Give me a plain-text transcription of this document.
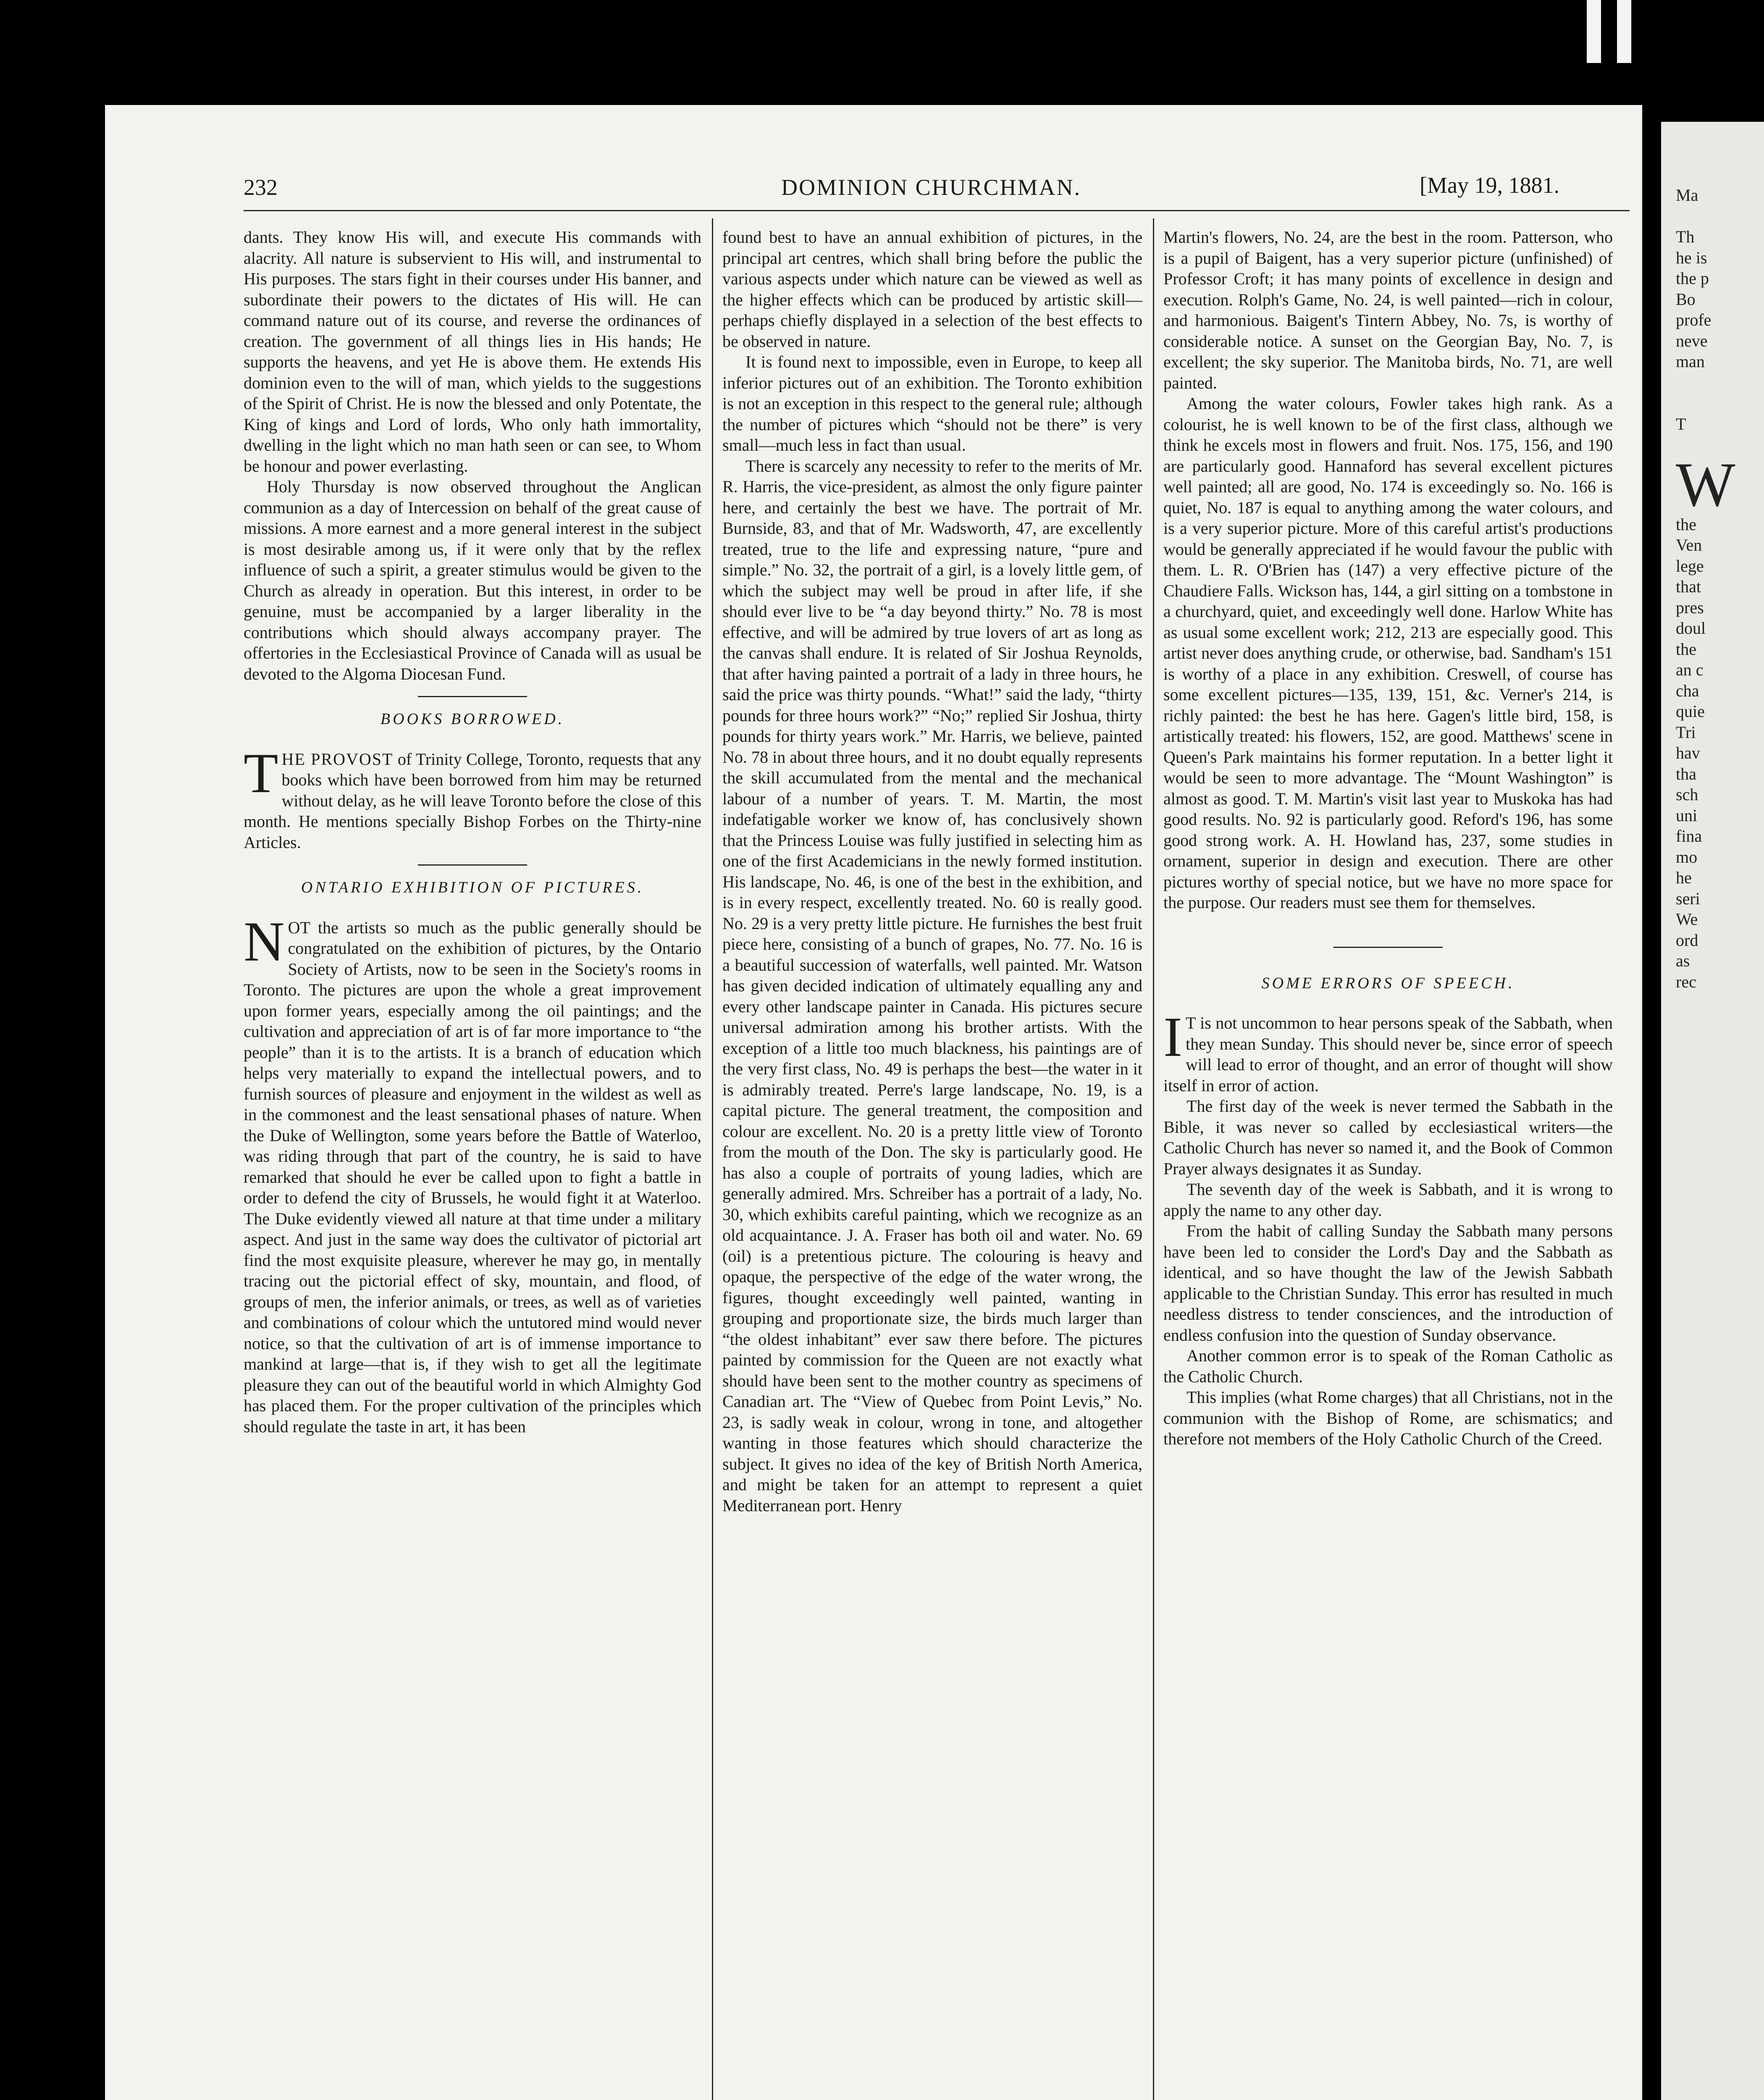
Ma

Th
he is
the p
Bo
profe
neve
man

T

W
the
Ven
lege
that
pres
doul
the
an c
cha
quie
Tri
hav
tha
sch
uni
fina
mo
he
seri
We
ord
as
rec
232	DOMINION CHURCHMAN.	[May 19, 1881.

dants. They know His will, and execute His commands with alacrity. All nature is subservient to His will, and instrumental to His purposes. The stars fight in their courses under His banner, and subordinate their powers to the dictates of His will. He can command nature out of its course, and reverse the ordinances of creation. The government of all things lies in His hands; He supports the heavens, and yet He is above them. He extends His dominion even to the will of man, which yields to the suggestions of the Spirit of Christ. He is now the blessed and only Potentate, the King of kings and Lord of lords, Who only hath immortality, dwelling in the light which no man hath seen or can see, to Whom be honour and power everlasting.

Holy Thursday is now observed throughout the Anglican communion as a day of Intercession on behalf of the great cause of missions. A more earnest and a more general interest in the subject is most desirable among us, if it were only that by the reflex influence of such a spirit, a greater stimulus would be given to the Church as already in operation. But this interest, in order to be genuine, must be accompanied by a larger liberality in the contributions which should always accompany prayer. The offertories in the Ecclesiastical Province of Canada will as usual be devoted to the Algoma Diocesan Fund.

BOOKS BORROWED.

THE PROVOST of Trinity College, Toronto, requests that any books which have been borrowed from him may be returned without delay, as he will leave Toronto before the close of this month. He mentions specially Bishop Forbes on the Thirty-nine Articles.

ONTARIO EXHIBITION OF PICTURES.

NOT the artists so much as the public generally should be congratulated on the exhibition of pictures, by the Ontario Society of Artists, now to be seen in the Society's rooms in Toronto. The pictures are upon the whole a great improvement upon former years, especially among the oil paintings; and the cultivation and appreciation of art is of far more importance to “the people” than it is to the artists. It is a branch of education which helps very materially to expand the intellectual powers, and to furnish sources of pleasure and enjoyment in the wildest as well as in the commonest and the least sensational phases of nature. When the Duke of Wellington, some years before the Battle of Waterloo, was riding through that part of the country, he is said to have remarked that should he ever be called upon to fight a battle in order to defend the city of Brussels, he would fight it at Waterloo. The Duke evidently viewed all nature at that time under a military aspect. And just in the same way does the cultivator of pictorial art find the most exquisite pleasure, wherever he may go, in mentally tracing out the pictorial effect of sky, mountain, and flood, of groups of men, the inferior animals, or trees, as well as of varieties and combinations of colour which the untutored mind would never notice, so that the cultivation of art is of immense importance to mankind at large—that is, if they wish to get all the legitimate pleasure they can out of the beautiful world in which Almighty God has placed them. For the proper cultivation of the principles which should regulate the taste in art, it has been

found best to have an annual exhibition of pictures, in the principal art centres, which shall bring before the public the various aspects under which nature can be viewed as well as the higher effects which can be produced by artistic skill—perhaps chiefly displayed in a selection of the best effects to be observed in nature.

It is found next to impossible, even in Europe, to keep all inferior pictures out of an exhibition. The Toronto exhibition is not an exception in this respect to the general rule; although the number of pictures which “should not be there” is very small—much less in fact than usual.

There is scarcely any necessity to refer to the merits of Mr. R. Harris, the vice-president, as almost the only figure painter here, and certainly the best we have. The portrait of Mr. Burnside, 83, and that of Mr. Wadsworth, 47, are excellently treated, true to the life and expressing nature, “pure and simple.” No. 32, the portrait of a girl, is a lovely little gem, of which the subject may well be proud in after life, if she should ever live to be “a day beyond thirty.” No. 78 is most effective, and will be admired by true lovers of art as long as the canvas shall endure. It is related of Sir Joshua Reynolds, that after having painted a portrait of a lady in three hours, he said the price was thirty pounds. “What!” said the lady, “thirty pounds for three hours work?” “No;” replied Sir Joshua, thirty pounds for thirty years work.” Mr. Harris, we believe, painted No. 78 in about three hours, and it no doubt equally represents the skill accumulated from the mental and the mechanical labour of a number of years. T. M. Martin, the most indefatigable worker we know of, has conclusively shown that the Princess Louise was fully justified in selecting him as one of the first Academicians in the newly formed institution. His landscape, No. 46, is one of the best in the exhibition, and is in every respect, excellently treated. No. 60 is really good. No. 29 is a very pretty little picture. He furnishes the best fruit piece here, consisting of a bunch of grapes, No. 77. No. 16 is a beautiful succession of waterfalls, well painted. Mr. Watson has given decided indication of ultimately equalling any and every other landscape painter in Canada. His pictures secure universal admiration among his brother artists. With the exception of a little too much blackness, his paintings are of the very first class, No. 49 is perhaps the best—the water in it is admirably treated. Perre's large landscape, No. 19, is a capital picture. The general treatment, the composition and colour are excellent. No. 20 is a pretty little view of Toronto from the mouth of the Don. The sky is particularly good. He has also a couple of portraits of young ladies, which are generally admired. Mrs. Schreiber has a portrait of a lady, No. 30, which exhibits careful painting, which we recognize as an old acquaintance. J. A. Fraser has both oil and water. No. 69 (oil) is a pretentious picture. The colouring is heavy and opaque, the perspective of the edge of the water wrong, the figures, thought exceedingly well painted, wanting in grouping and proportionate size, the birds much larger than “the oldest inhabitant” ever saw there before. The pictures painted by commission for the Queen are not exactly what should have been sent to the mother country as specimens of Canadian art. The “View of Quebec from Point Levis,” No. 23, is sadly weak in colour, wrong in tone, and altogether wanting in those features which should characterize the subject. It gives no idea of the key of British North America, and might be taken for an attempt to represent a quiet Mediterranean port. Henry

Martin's flowers, No. 24, are the best in the room. Patterson, who is a pupil of Baigent, has a very superior picture (unfinished) of Professor Croft; it has many points of excellence in design and execution. Rolph's Game, No. 24, is well painted—rich in colour, and harmonious. Baigent's Tintern Abbey, No. 7s, is worthy of considerable notice. A sunset on the Georgian Bay, No. 7, is excellent; the sky superior. The Manitoba birds, No. 71, are well painted.

Among the water colours, Fowler takes high rank. As a colourist, he is well known to be of the first class, although we think he excels most in flowers and fruit. Nos. 175, 156, and 190 are particularly good. Hannaford has several excellent pictures well painted; all are good, No. 174 is exceedingly so. No. 166 is quiet, No. 187 is equal to anything among the water colours, and is a very superior picture. More of this careful artist's productions would be generally appreciated if he would favour the public with them. L. R. O'Brien has (147) a very effective picture of the Chaudiere Falls. Wickson has, 144, a girl sitting on a tombstone in a churchyard, quiet, and exceedingly well done. Harlow White has as usual some excellent work; 212, 213 are especially good. This artist never does anything crude, or otherwise, bad. Sandham's 151 is worthy of a place in any exhibition. Creswell, of course has some excellent pictures—135, 139, 151, &c. Verner's 214, is richly painted: the best he has here. Gagen's little bird, 158, is artistically treated: his flowers, 152, are good. Matthews' scene in Queen's Park maintains his former reputation. In a better light it would be seen to more advantage. The “Mount Washington” is almost as good. T. M. Martin's visit last year to Muskoka has had good results. No. 92 is particularly good. Reford's 196, has some good strong work. A. H. Howland has, 237, some studies in ornament, superior in design and execution. There are other pictures worthy of special notice, but we have no more space for the purpose. Our readers must see them for themselves.

SOME ERRORS OF SPEECH.

I T is not uncommon to hear persons speak of the Sabbath, when they mean Sunday. This should never be, since error of speech will lead to error of thought, and an error of thought will show itself in error of action.

The first day of the week is never termed the Sabbath in the Bible, it was never so called by ecclesiastical writers—the Catholic Church has never so named it, and the Book of Common Prayer always designates it as Sunday.

The seventh day of the week is Sabbath, and it is wrong to apply the name to any other day.

From the habit of calling Sunday the Sabbath many persons have been led to consider the Lord's Day and the Sabbath as identical, and so have thought the law of the Jewish Sabbath applicable to the Christian Sunday. This error has resulted in much needless distress to tender consciences, and the introduction of endless confusion into the question of Sunday observance.

Another common error is to speak of the Roman Catholic as the Catholic Church.

This implies (what Rome charges) that all Christians, not in the communion with the Bishop of Rome, are schismatics; and therefore not members of the Holy Catholic Church of the Creed.
